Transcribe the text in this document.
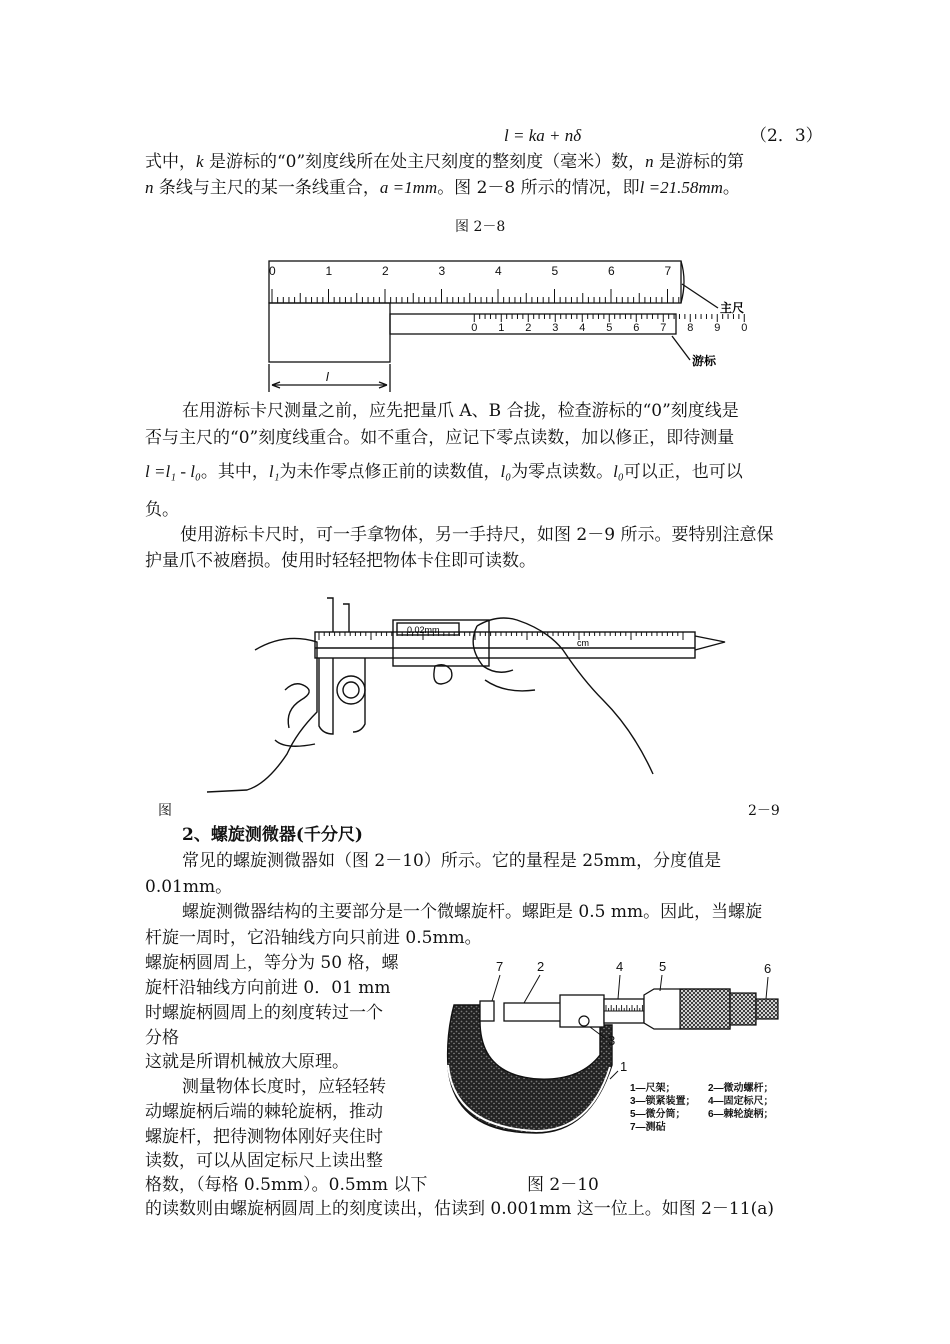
l = ka + nδ	（2．3）
式中，k 是游标的“0”刻度线所在处主尺刻度的整刻度（毫米）数，n 是游标的第
n 条线与主尺的某一条线重合，a =1mm。图 2－8 所示的情况，即l =21.58mm。
图 2－8
0	1	2	3	4	5	6	7
0 1 2 3 4 5 6 7 8 9 0
主尺
游标
l
在用游标卡尺测量之前，应先把量爪 A、B 合拢，检查游标的“0”刻度线是
否与主尺的“0”刻度线重合。如不重合，应记下零点读数，加以修正，即待测量
l =l₁ - l₀。其中，l₁为未作零点修正前的读数值，l₀为零点读数。l₀可以正，也可以
负。
使用游标卡尺时，可一手拿物体，另一手持尺，如图 2－9 所示。要特别注意保
护量爪不被磨损。使用时轻轻把物体卡住即可读数。
0.02mm
cm
图	2－9
2、螺旋测微器(千分尺)
常见的螺旋测微器如（图 2－10）所示。它的量程是 25mm，分度值是
0.01mm。
螺旋测微器结构的主要部分是一个微螺旋杆。螺距是 0.5 mm。因此，当螺旋
杆旋一周时，它沿轴线方向只前进 0.5mm。
螺旋柄圆周上，等分为 50 格，螺
旋杆沿轴线方向前进 0．01 mm
时螺旋柄圆周上的刻度转过一个
分格
这就是所谓机械放大原理。
测量物体长度时，应轻轻转
动螺旋柄后端的棘轮旋柄，推动
螺旋杆，把待测物体刚好夹住时
读数，可以从固定标尺上读出整
格数，（每格 0.5mm）。0.5mm 以下
7	2	4	5	6
3
1
1—尺架；	2—微动螺杆；
3—锁紧装置； 4—固定标尺；
5—微分筒； 6—棘轮旋柄；
7—测砧
图 2－10
的读数则由螺旋柄圆周上的刻度读出，估读到 0.001mm 这一位上。如图 2－11(a)
